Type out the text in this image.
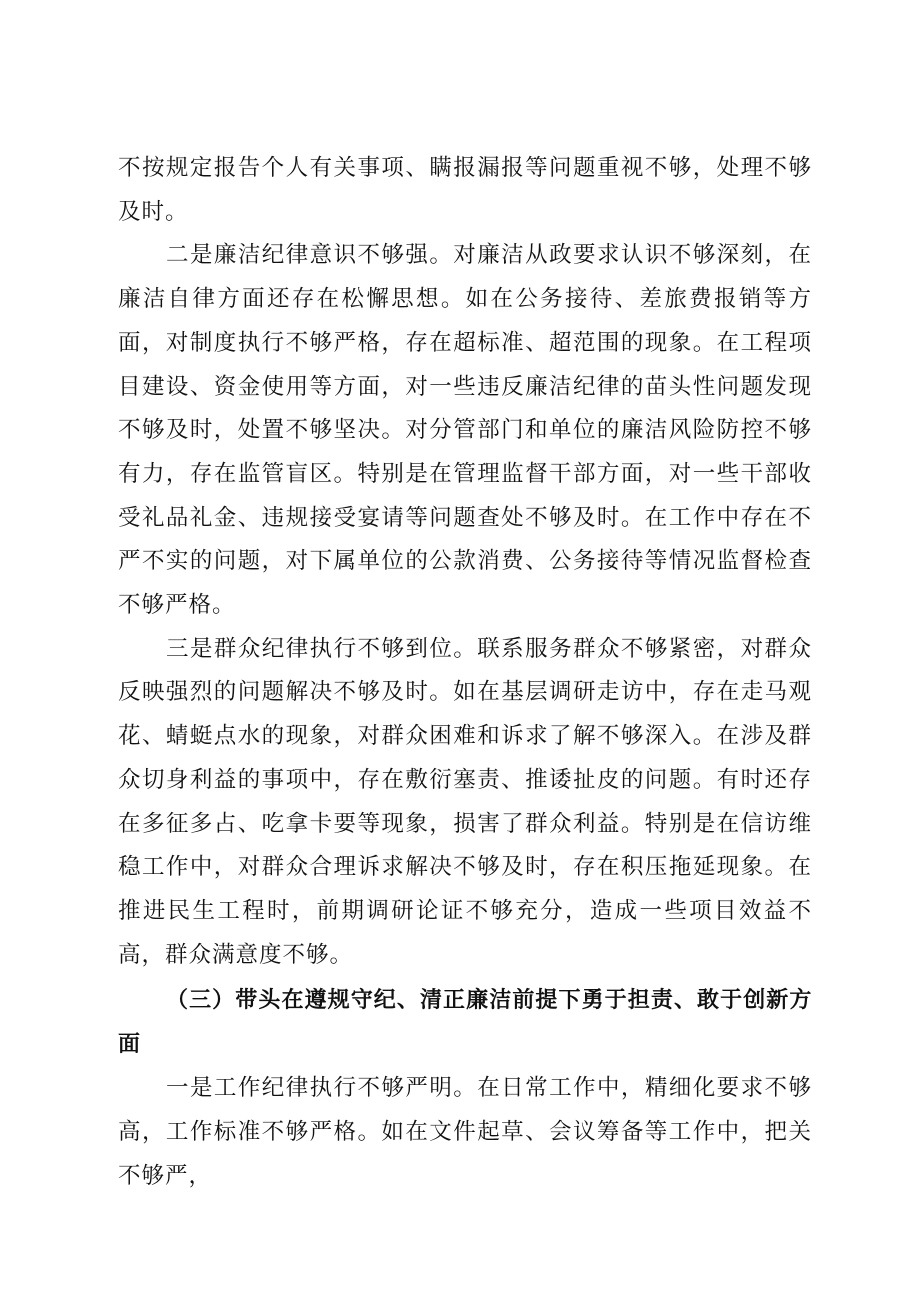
不按规定报告个人有关事项、瞒报漏报等问题重视不够，处理不够及时。

二是廉洁纪律意识不够强。对廉洁从政要求认识不够深刻，在廉洁自律方面还存在松懈思想。如在公务接待、差旅费报销等方面，对制度执行不够严格，存在超标准、超范围的现象。在工程项目建设、资金使用等方面，对一些违反廉洁纪律的苗头性问题发现不够及时，处置不够坚决。对分管部门和单位的廉洁风险防控不够有力，存在监管盲区。特别是在管理监督干部方面，对一些干部收受礼品礼金、违规接受宴请等问题查处不够及时。在工作中存在不严不实的问题，对下属单位的公款消费、公务接待等情况监督检查不够严格。

三是群众纪律执行不够到位。联系服务群众不够紧密，对群众反映强烈的问题解决不够及时。如在基层调研走访中，存在走马观花、蜻蜓点水的现象，对群众困难和诉求了解不够深入。在涉及群众切身利益的事项中，存在敷衍塞责、推诿扯皮的问题。有时还存在多征多占、吃拿卡要等现象，损害了群众利益。特别是在信访维稳工作中，对群众合理诉求解决不够及时，存在积压拖延现象。在推进民生工程时，前期调研论证不够充分，造成一些项目效益不高，群众满意度不够。

（三）带头在遵规守纪、清正廉洁前提下勇于担责、敢于创新方面

一是工作纪律执行不够严明。在日常工作中，精细化要求不够高，工作标准不够严格。如在文件起草、会议筹备等工作中，把关不够严，
